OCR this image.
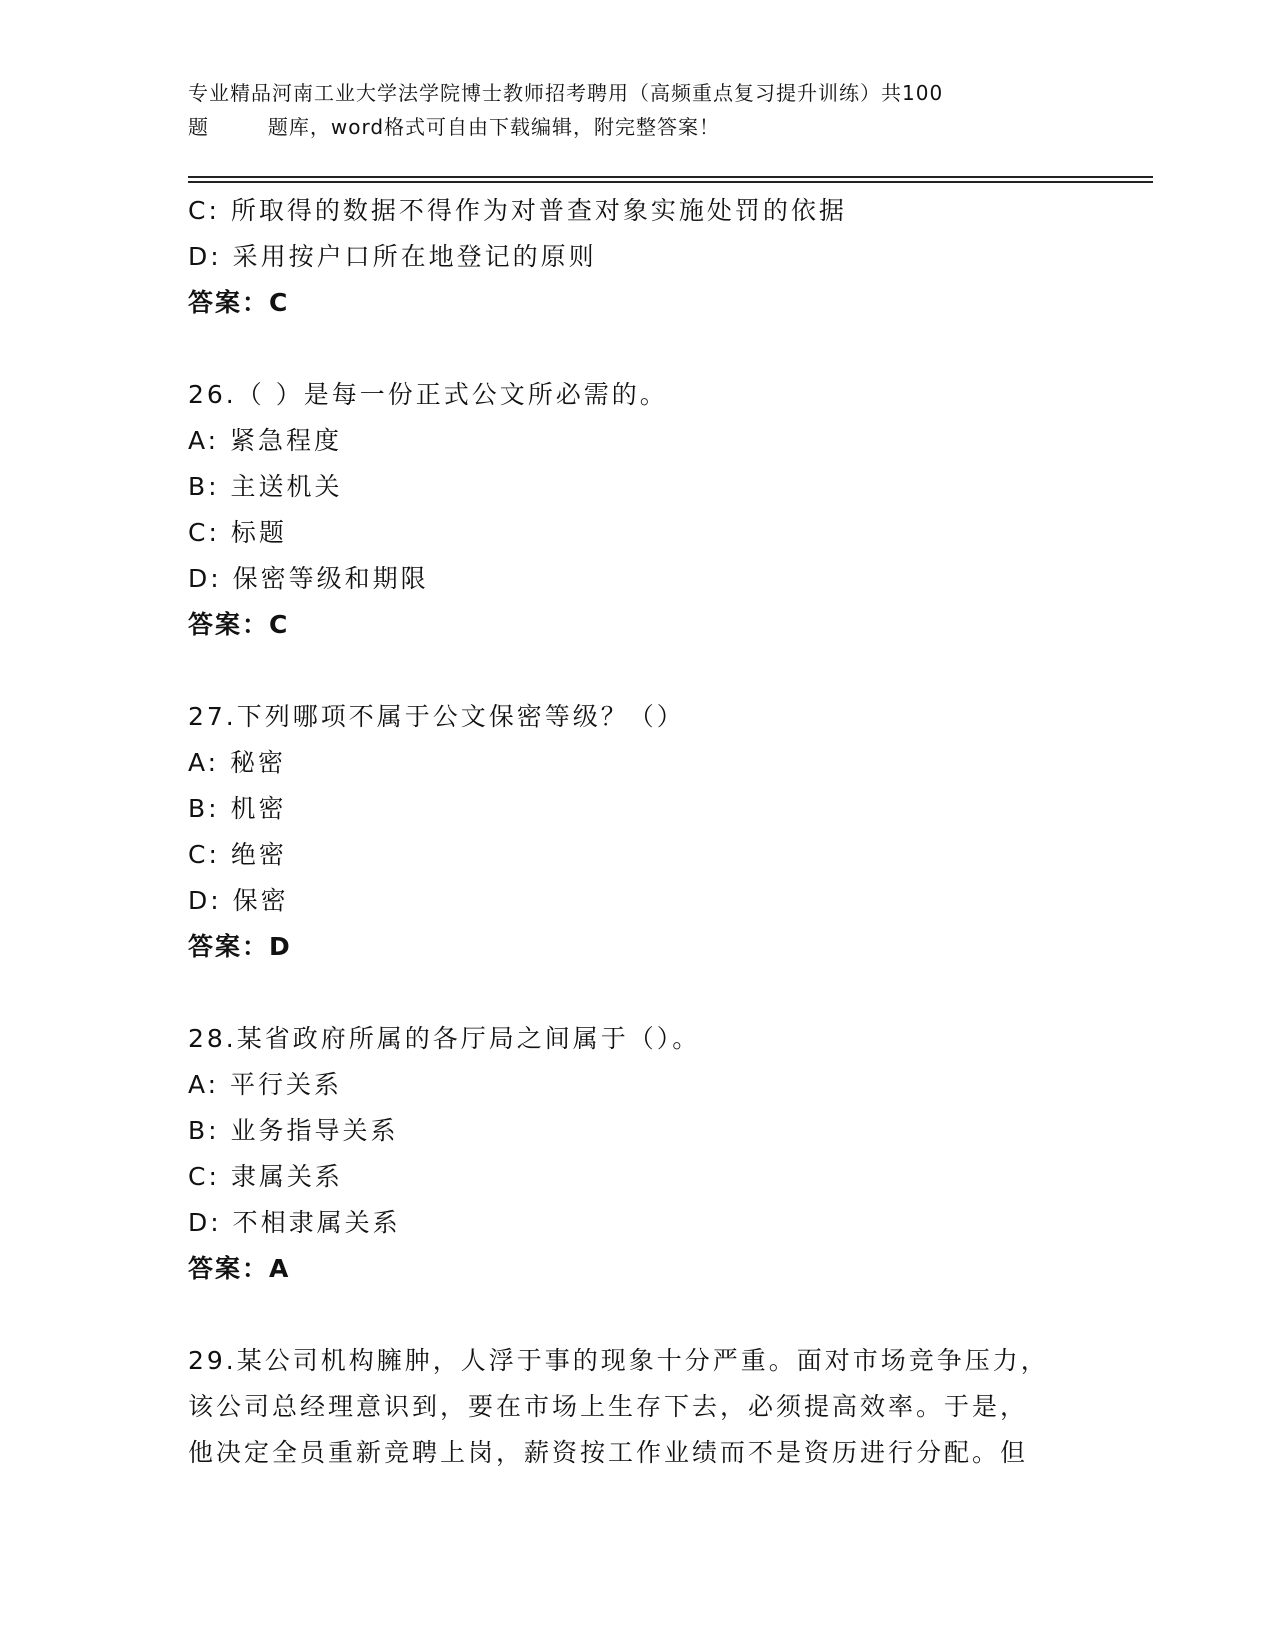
专业精品河南工业大学法学院博士教师招考聘用（高频重点复习提升训练）共100
题        题库，word格式可自由下载编辑，附完整答案！
C: 所取得的数据不得作为对普查对象实施处罚的依据
D: 采用按户口所在地登记的原则
答案：C
26.（ ）是每一份正式公文所必需的。
A: 紧急程度
B: 主送机关
C: 标题
D: 保密等级和期限
答案：C
27.下列哪项不属于公文保密等级？（）
A: 秘密
B: 机密
C: 绝密
D: 保密
答案：D
28.某省政府所属的各厅局之间属于（）。
A: 平行关系
B: 业务指导关系
C: 隶属关系
D: 不相隶属关系
答案：A
29.某公司机构臃肿，人浮于事的现象十分严重。面对市场竞争压力，
该公司总经理意识到，要在市场上生存下去，必须提高效率。于是，
他决定全员重新竞聘上岗，薪资按工作业绩而不是资历进行分配。但
